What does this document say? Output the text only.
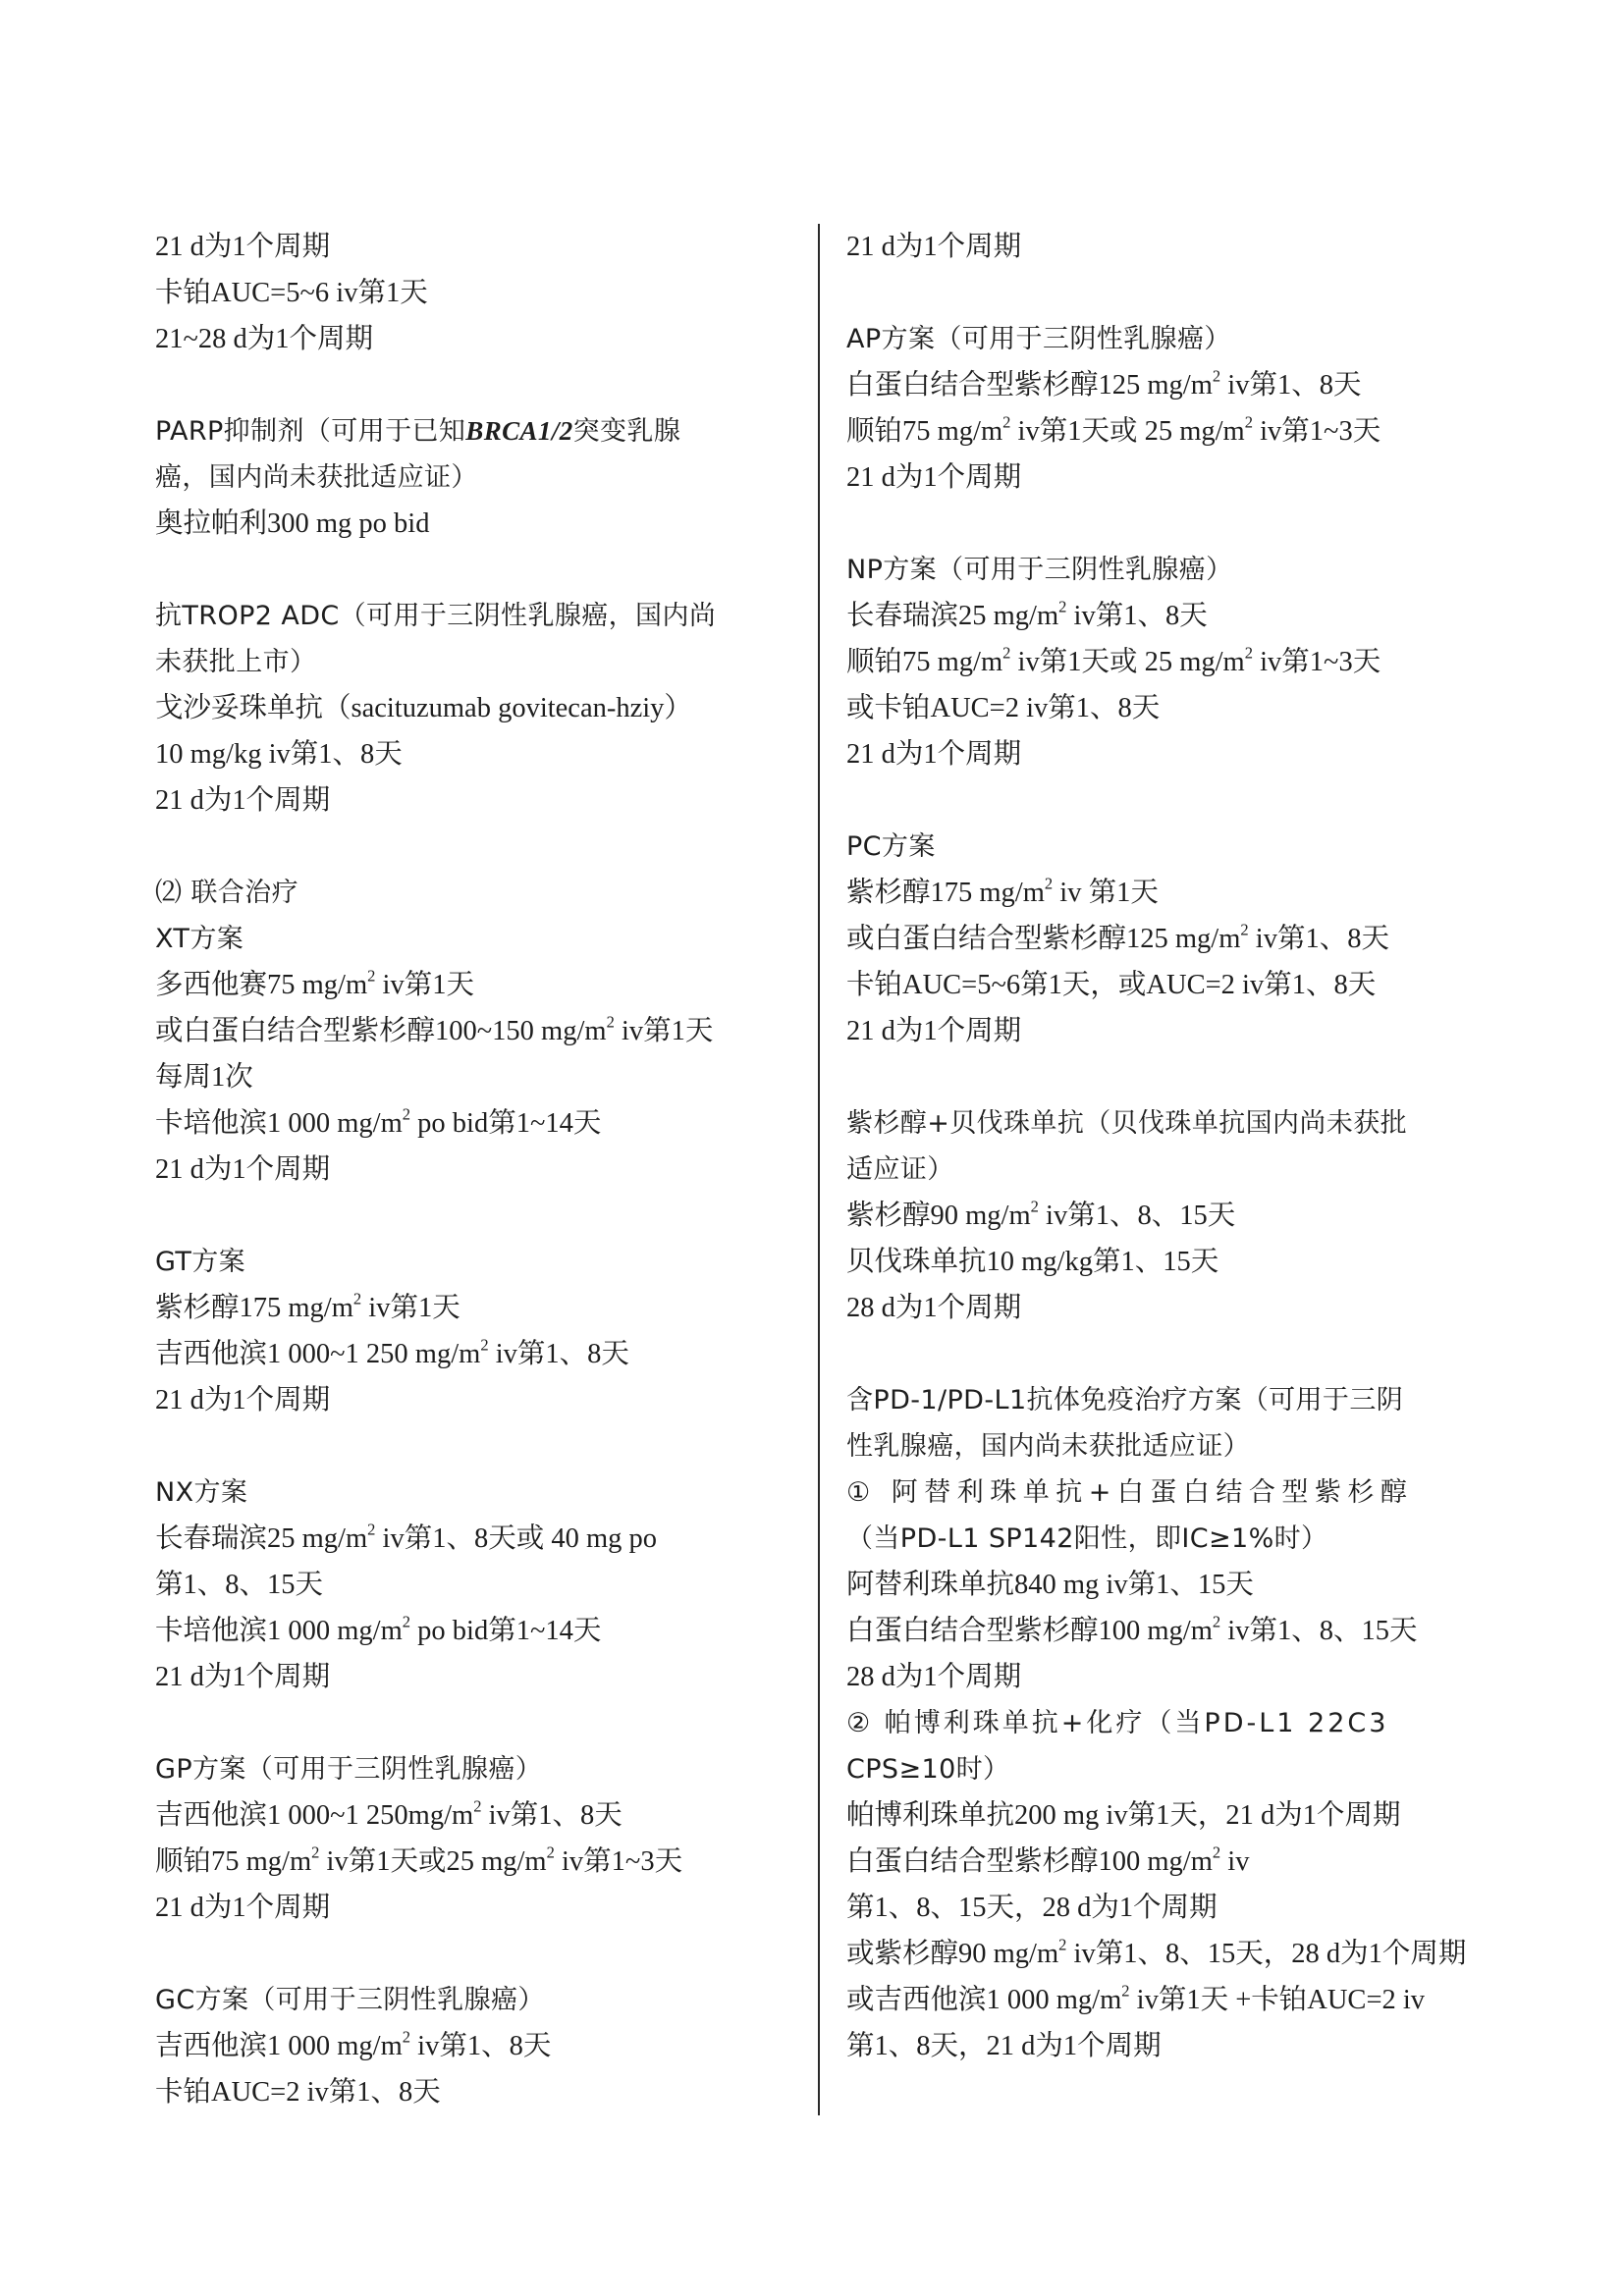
21 d为1个周期
卡铂AUC=5~6 iv第1天
21~28 d为1个周期
PARP抑制剂（可用于已知BRCA1/2突变乳腺
癌，国内尚未获批适应证）
奥拉帕利300 mg po bid
抗TROP2 ADC（可用于三阴性乳腺癌，国内尚
未获批上市）
戈沙妥珠单抗（sacituzumab govitecan-hziy）
10 mg/kg iv第1、8天
21 d为1个周期
⑵ 联合治疗
XT方案
多西他赛75 $mg/m^2$ iv第1天
或白蛋白结合型紫杉醇100~150 $mg/m^2$ iv第1天
每周1次
卡培他滨1 000 $mg/m^2$ po bid第1~14天
21 d为1个周期
GT方案
紫杉醇175 $mg/m^2$ iv第1天
吉西他滨1 000~1 250 $mg/m^2$ iv第1、8天
21 d为1个周期
NX方案
长春瑞滨25 $mg/m^2$ iv第1、8天或 40 mg po
第1、8、15天
卡培他滨1 000 $mg/m^2$ po bid第1~14天
21 d为1个周期
GP方案（可用于三阴性乳腺癌）
吉西他滨1 000~1 $250mg/m^2$ iv第1、8天
顺铂75 $mg/m^2$ iv第1天或25 $mg/m^2$ iv第1~3天
21 d为1个周期
GC方案（可用于三阴性乳腺癌）
吉西他滨1 000 $mg/m^2$ iv第1、8天
卡铂AUC=2 iv第1、8天
21 d为1个周期
AP方案（可用于三阴性乳腺癌）
白蛋白结合型紫杉醇125 $mg/m^2$ iv第1、8天
顺铂75 $mg/m^2$ iv第1天或 25 $mg/m^2$ iv第1~3天
21 d为1个周期
NP方案（可用于三阴性乳腺癌）
长春瑞滨25 $mg/m^2$ iv第1、8天
顺铂75 $mg/m^2$ iv第1天或 25 $mg/m^2$ iv第1~3天
或卡铂AUC=2 iv第1、8天
21 d为1个周期
PC方案
紫杉醇175 $mg/m^2$ iv 第1天
或白蛋白结合型紫杉醇125 $mg/m^2$ iv第1、8天
卡铂AUC=5~6第1天，或AUC=2 iv第1、8天
21 d为1个周期
紫杉醇+贝伐珠单抗（贝伐珠单抗国内尚未获批
适应证）
紫杉醇90 $mg/m^2$ iv第1、8、15天
贝伐珠单抗10 mg/kg第1、15天
28 d为1个周期
含PD-1/PD-L1抗体免疫治疗方案（可用于三阴
性乳腺癌，国内尚未获批适应证）
① 阿替利珠单抗+白蛋白结合型紫杉醇
（当PD-L1 SP142阳性，即IC≥1%时）
阿替利珠单抗840 mg iv第1、15天
白蛋白结合型紫杉醇100 $mg/m^2$ iv第1、8、15天
28 d为1个周期
② 帕博利珠单抗+化疗（当PD-L1 22C3
CPS≥10时）
帕博利珠单抗200 mg iv第1天，21 d为1个周期
白蛋白结合型紫杉醇100 $mg/m^2$ iv
第1、8、15天，28 d为1个周期
或紫杉醇90 $mg/m^2$ iv第1、8、15天，28 d为1个周期
或吉西他滨1 000 $mg/m^2$ iv第1天 +卡铂AUC=2 iv
第1、8天，21 d为1个周期
